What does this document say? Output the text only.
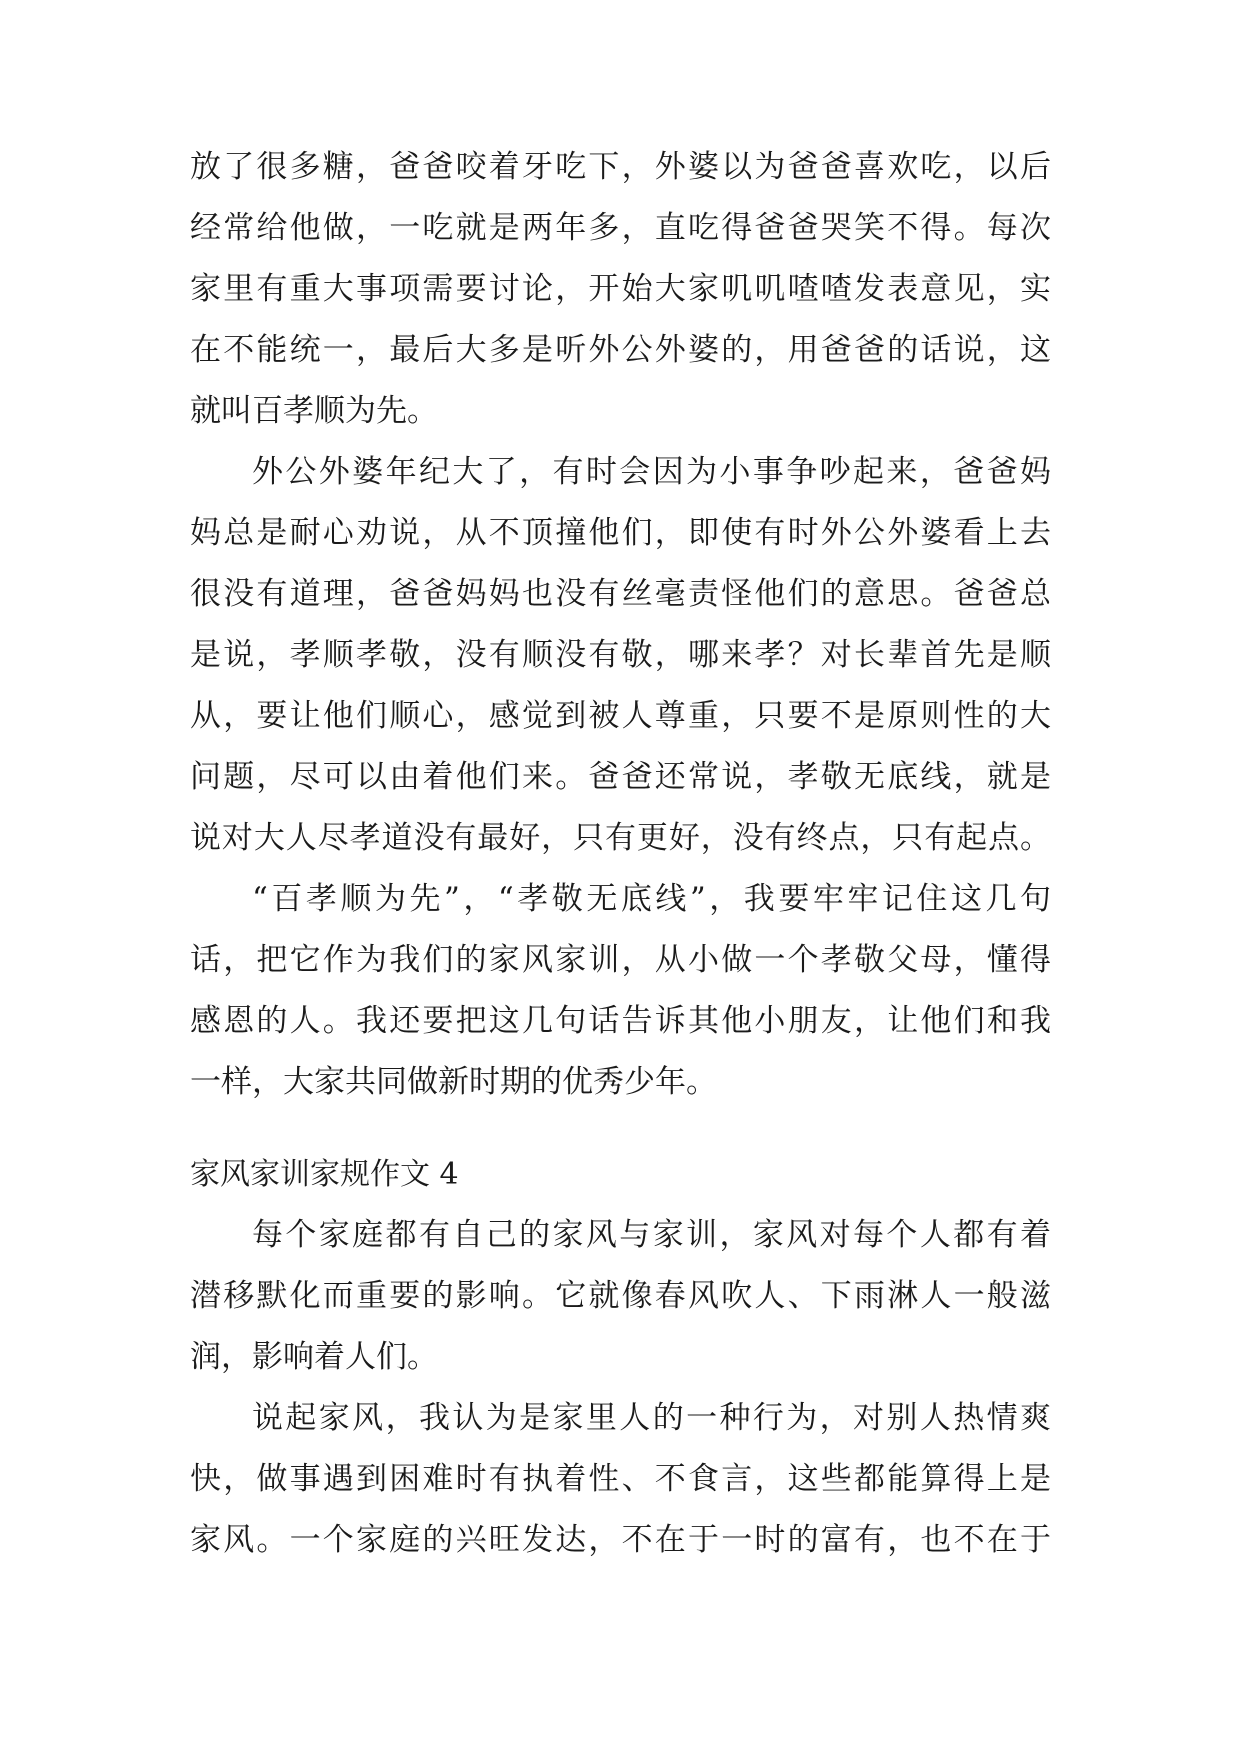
放了很多糖，爸爸咬着牙吃下，外婆以为爸爸喜欢吃，以后
经常给他做，一吃就是两年多，直吃得爸爸哭笑不得。每次
家里有重大事项需要讨论，开始大家叽叽喳喳发表意见，实
在不能统一，最后大多是听外公外婆的，用爸爸的话说，这
就叫百孝顺为先。
外公外婆年纪大了，有时会因为小事争吵起来，爸爸妈
妈总是耐心劝说，从不顶撞他们，即使有时外公外婆看上去
很没有道理，爸爸妈妈也没有丝毫责怪他们的意思。爸爸总
是说，孝顺孝敬，没有顺没有敬，哪来孝？对长辈首先是顺
从，要让他们顺心，感觉到被人尊重，只要不是原则性的大
问题，尽可以由着他们来。爸爸还常说，孝敬无底线，就是
说对大人尽孝道没有最好，只有更好，没有终点，只有起点。
“百孝顺为先”，“孝敬无底线”，我要牢牢记住这几句
话，把它作为我们的家风家训，从小做一个孝敬父母，懂得
感恩的人。我还要把这几句话告诉其他小朋友，让他们和我
一样，大家共同做新时期的优秀少年。
家风家训家规作文 4
每个家庭都有自己的家风与家训，家风对每个人都有着
潜移默化而重要的影响。它就像春风吹人、下雨淋人一般滋
润，影响着人们。
说起家风，我认为是家里人的一种行为，对别人热情爽
快，做事遇到困难时有执着性、不食言，这些都能算得上是
家风。一个家庭的兴旺发达，不在于一时的富有，也不在于
